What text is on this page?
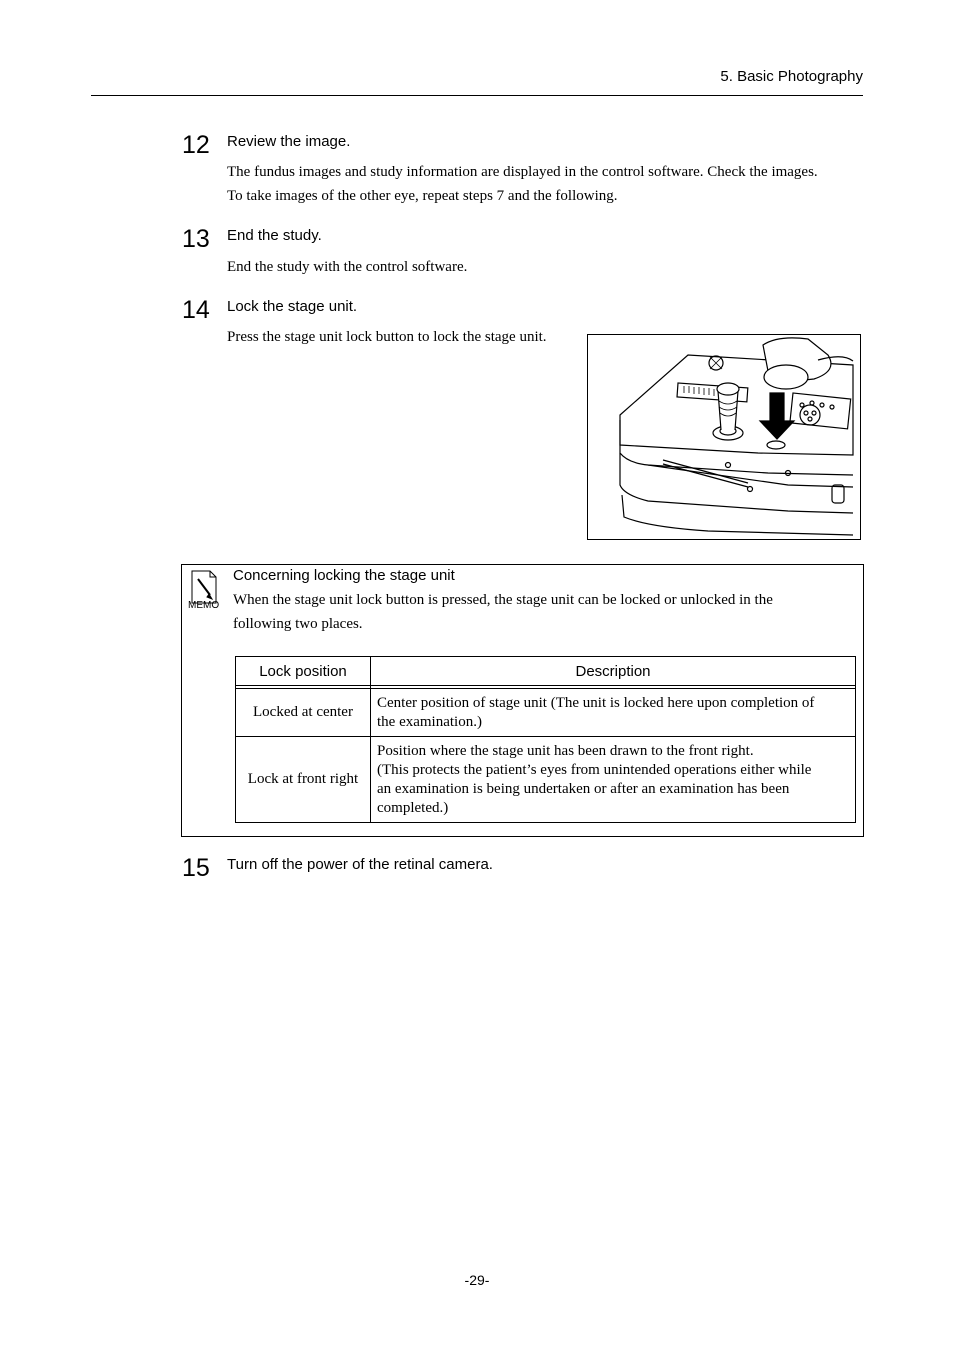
5. Basic Photography
12 Review the image.
The fundus images and study information are displayed in the control software. Check the images.
To take images of the other eye, repeat steps 7 and the following.
13 End the study.
End the study with the control software.
14 Lock the stage unit.
Press the stage unit lock button to lock the stage unit.
MEMO
Concerning locking the stage unit
When the stage unit lock button is pressed, the stage unit can be locked or unlocked in the
following two places.
Lock position	Description

Locked at center	Center position of stage unit (The unit is locked here upon completion of
the examination.)

Lock at front right	Position where the stage unit has been drawn to the front right.
(This protects the patient’s eyes from unintended operations either while
an examination is being undertaken or after an examination has been
completed.)
15 Turn off the power of the retinal camera.
-29-
